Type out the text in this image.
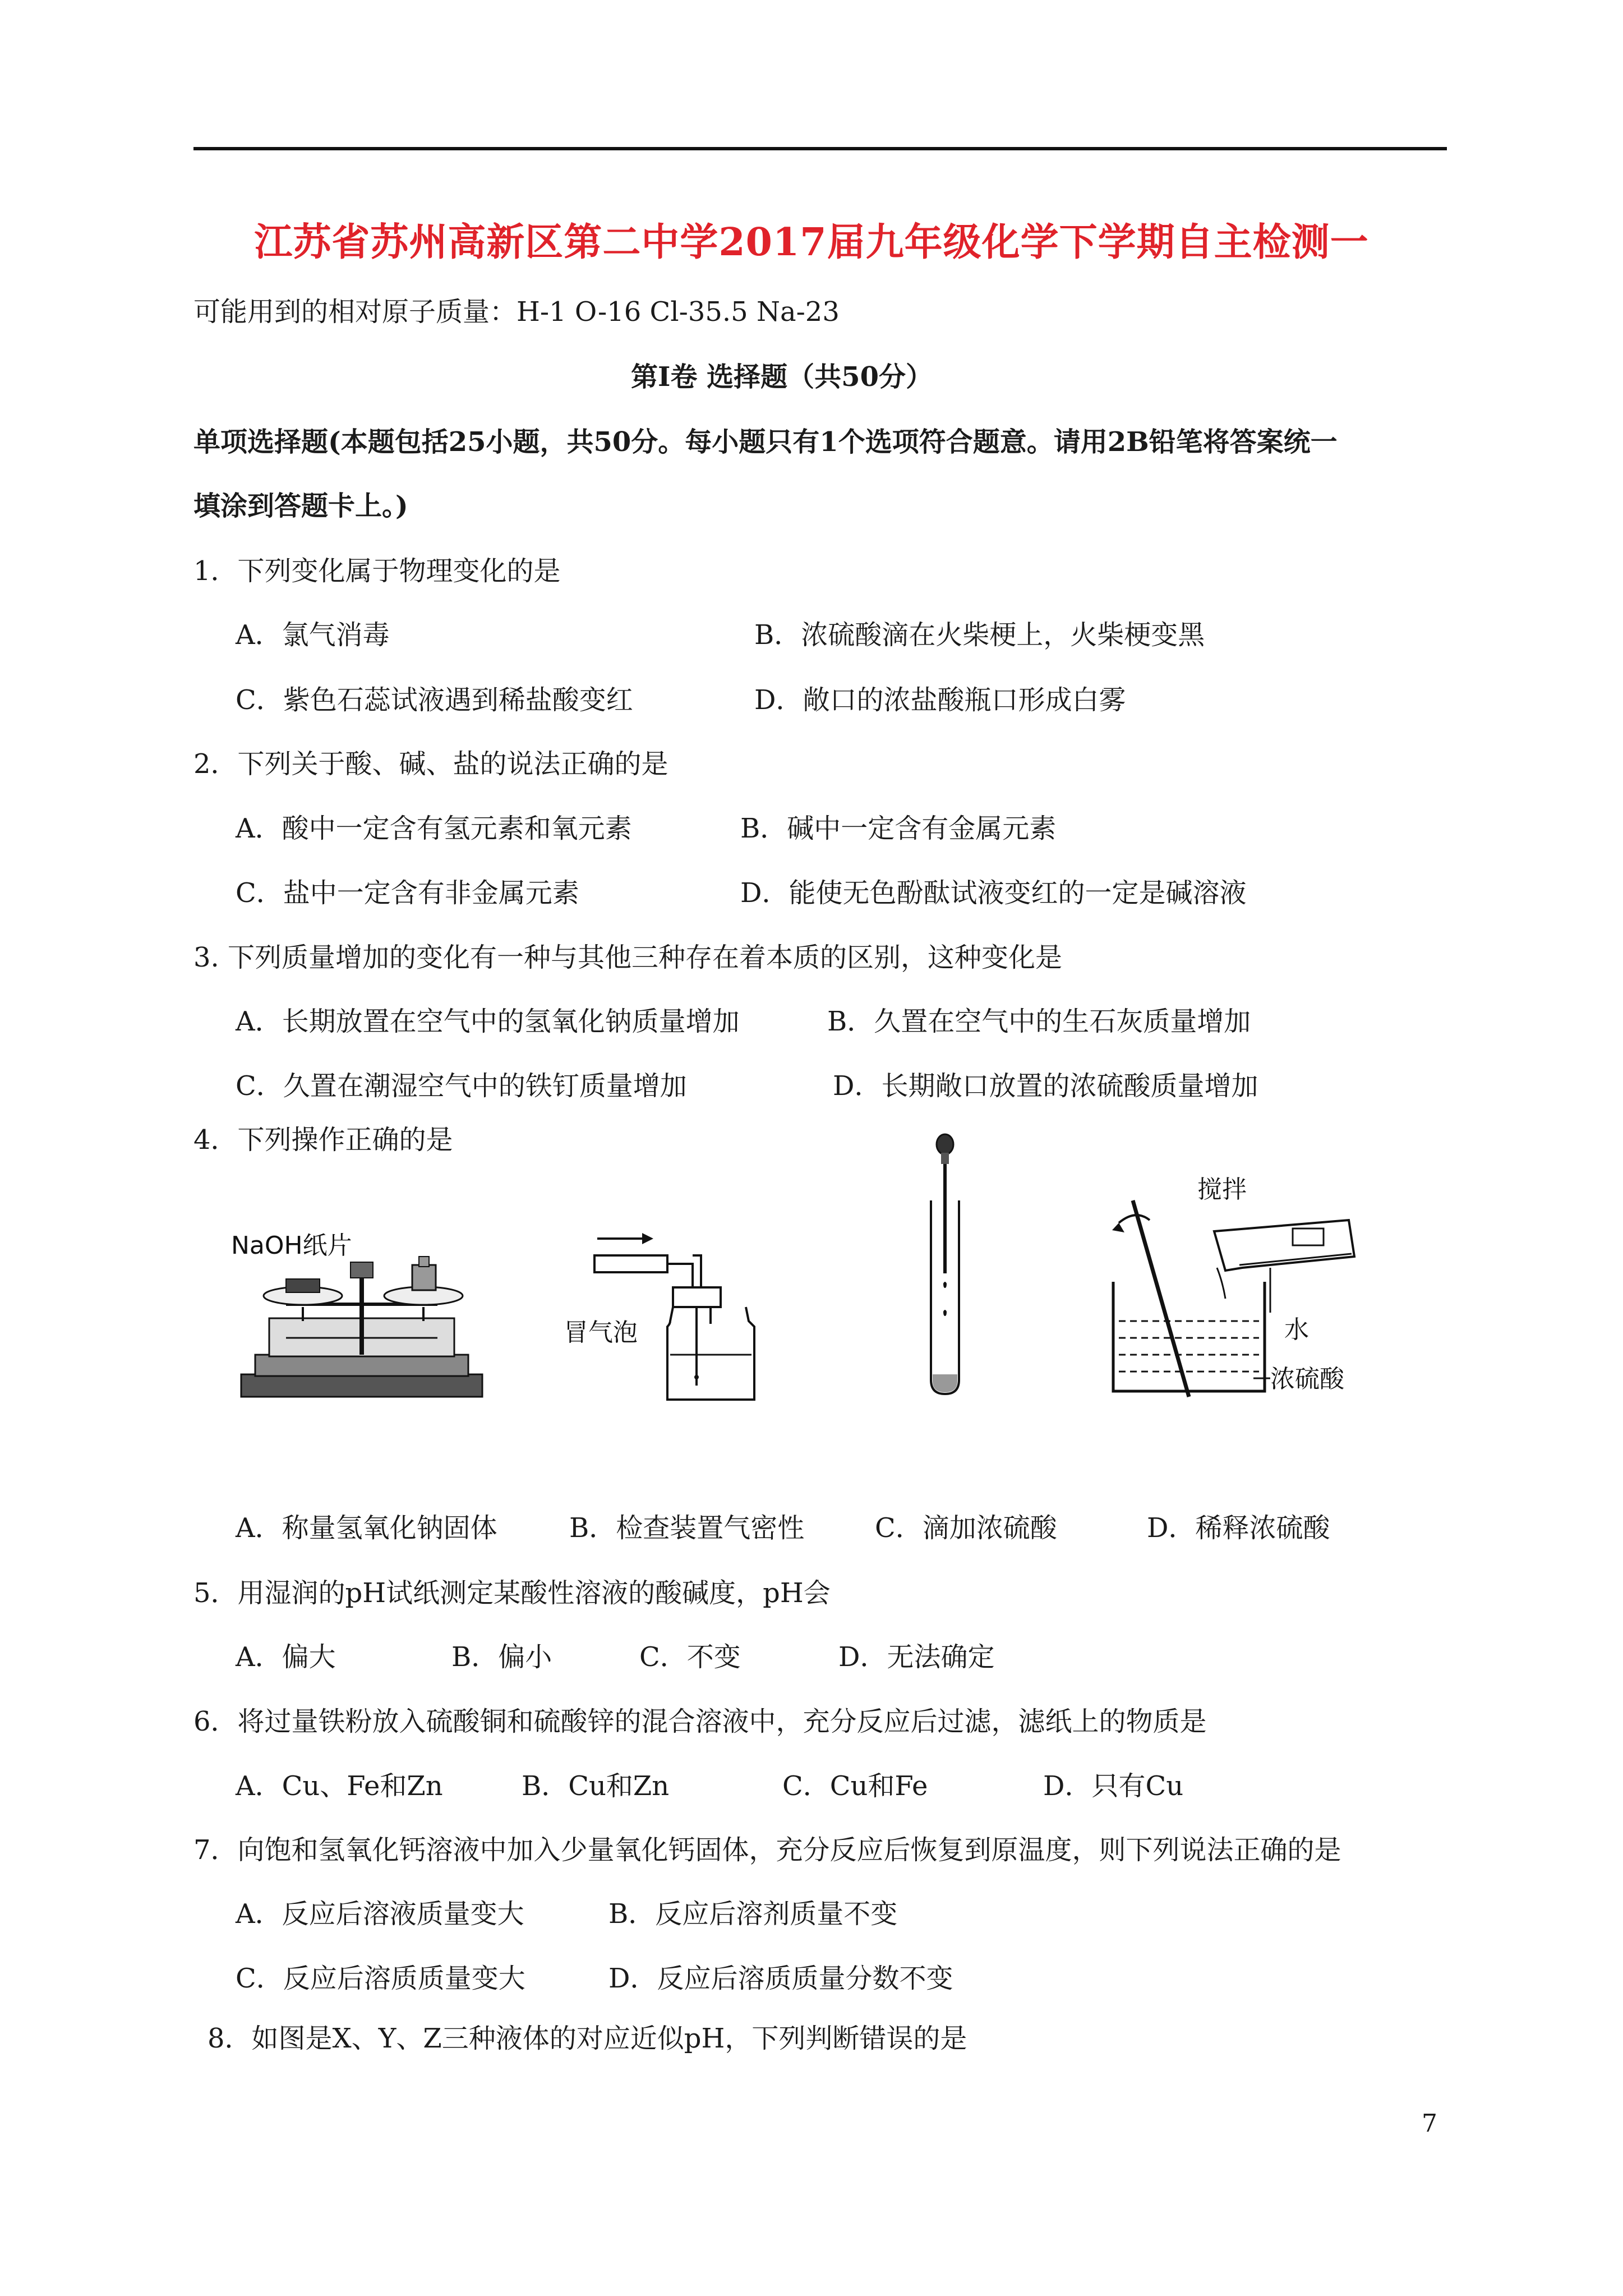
江苏省苏州高新区第二中学2017届九年级化学下学期自主检测一
可能用到的相对原子质量：H-1 O-16 Cl-35.5 Na-23
第Ⅰ卷 选择题（共50分）
单项选择题(本题包括25小题，共50分。每小题只有1个选项符合题意。请用2B铅笔将答案统一
填涂到答题卡上。)
1．下列变化属于物理变化的是
A．氯气消毒	B．浓硫酸滴在火柴梗上，火柴梗变黑
C．紫色石蕊试液遇到稀盐酸变红	D．敞口的浓盐酸瓶口形成白雾
2．下列关于酸、碱、盐的说法正确的是
A．酸中一定含有氢元素和氧元素	B．碱中一定含有金属元素
C．盐中一定含有非金属元素	D．能使无色酚酞试液变红的一定是碱溶液
3. 下列质量增加的变化有一种与其他三种存在着本质的区别，这种变化是
A．长期放置在空气中的氢氧化钠质量增加	B．久置在空气中的生石灰质量增加
C．久置在潮湿空气中的铁钉质量增加	D．长期敞口放置的浓硫酸质量增加
4．下列操作正确的是
NaOH纸片
冒气泡
搅拌
水
浓硫酸
A．称量氢氧化钠固体	B．检查装置气密性	C．滴加浓硫酸	D．稀释浓硫酸
5．用湿润的pH试纸测定某酸性溶液的酸碱度，pH会
A．偏大	B．偏小	C．不变	D．无法确定
6．将过量铁粉放入硫酸铜和硫酸锌的混合溶液中，充分反应后过滤，滤纸上的物质是
A．Cu、Fe和Zn	B．Cu和Zn	C．Cu和Fe	D．只有Cu
7．向饱和氢氧化钙溶液中加入少量氧化钙固体，充分反应后恢复到原温度，则下列说法正确的是
A．反应后溶液质量变大	B．反应后溶剂质量不变
C．反应后溶质质量变大	D．反应后溶质质量分数不变
8．如图是X、Y、Z三种液体的对应近似pH，下列判断错误的是
7
